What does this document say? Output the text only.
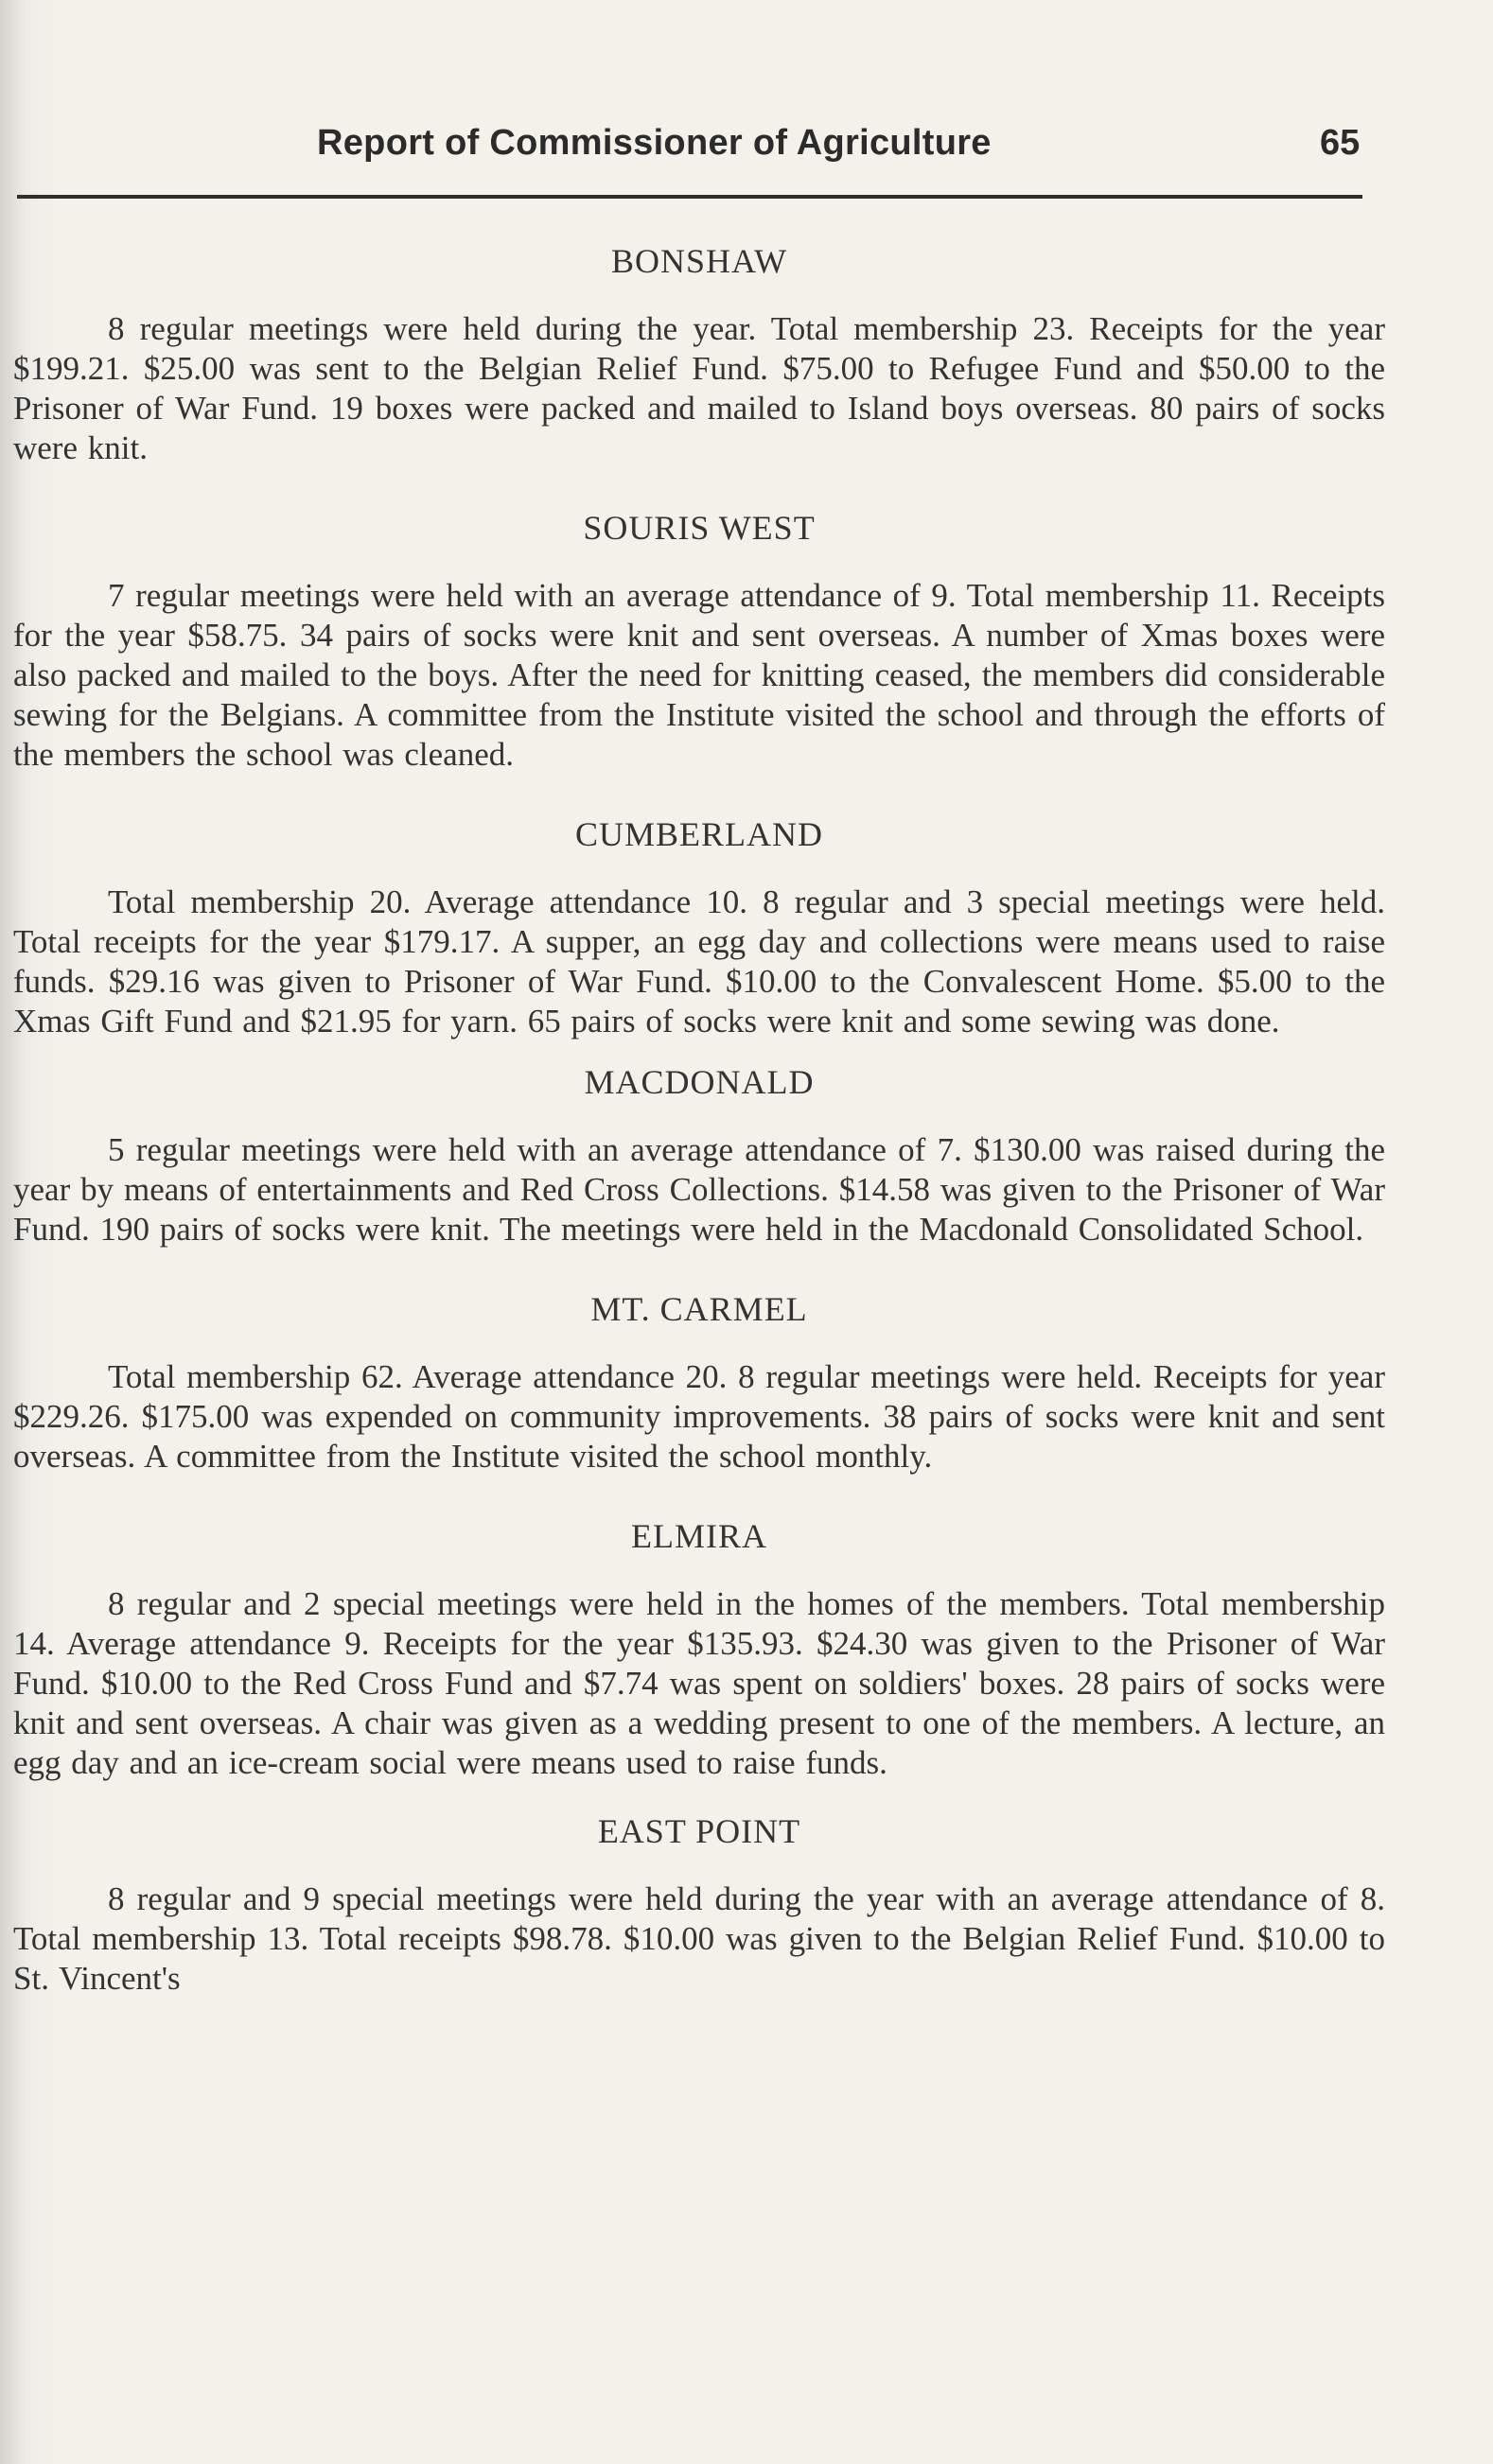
Report of Commissioner of Agriculture	65
BONSHAW

8 regular meetings were held during the year. Total membership 23. Receipts for the year $199.21. $25.00 was sent to the Belgian Relief Fund. $75.00 to Refugee Fund and $50.00 to the Prisoner of War Fund. 19 boxes were packed and mailed to Island boys overseas. 80 pairs of socks were knit.

SOURIS WEST

7 regular meetings were held with an average attendance of 9. Total membership 11. Receipts for the year $58.75. 34 pairs of socks were knit and sent overseas. A number of Xmas boxes were also packed and mailed to the boys. After the need for knitting ceased, the members did considerable sewing for the Belgians. A committee from the Institute visited the school and through the efforts of the members the school was cleaned.

CUMBERLAND

Total membership 20. Average attendance 10. 8 regular and 3 special meetings were held. Total receipts for the year $179.17. A supper, an egg day and collections were means used to raise funds. $29.16 was given to Prisoner of War Fund. $10.00 to the Convalescent Home. $5.00 to the Xmas Gift Fund and $21.95 for yarn. 65 pairs of socks were knit and some sewing was done.

MACDONALD

5 regular meetings were held with an average attendance of 7. $130.00 was raised during the year by means of entertainments and Red Cross Collections. $14.58 was given to the Prisoner of War Fund. 190 pairs of socks were knit. The meetings were held in the Macdonald Consolidated School.

MT. CARMEL

Total membership 62. Average attendance 20. 8 regular meetings were held. Receipts for year $229.26. $175.00 was expended on community improvements. 38 pairs of socks were knit and sent overseas. A committee from the Institute visited the school monthly.

ELMIRA

8 regular and 2 special meetings were held in the homes of the members. Total membership 14. Average attendance 9. Receipts for the year $135.93. $24.30 was given to the Prisoner of War Fund. $10.00 to the Red Cross Fund and $7.74 was spent on soldiers' boxes. 28 pairs of socks were knit and sent overseas. A chair was given as a wedding present to one of the members. A lecture, an egg day and an ice-cream social were means used to raise funds.

EAST POINT

8 regular and 9 special meetings were held during the year with an average attendance of 8. Total membership 13. Total receipts $98.78. $10.00 was given to the Belgian Relief Fund. $10.00 to St. Vincent's
